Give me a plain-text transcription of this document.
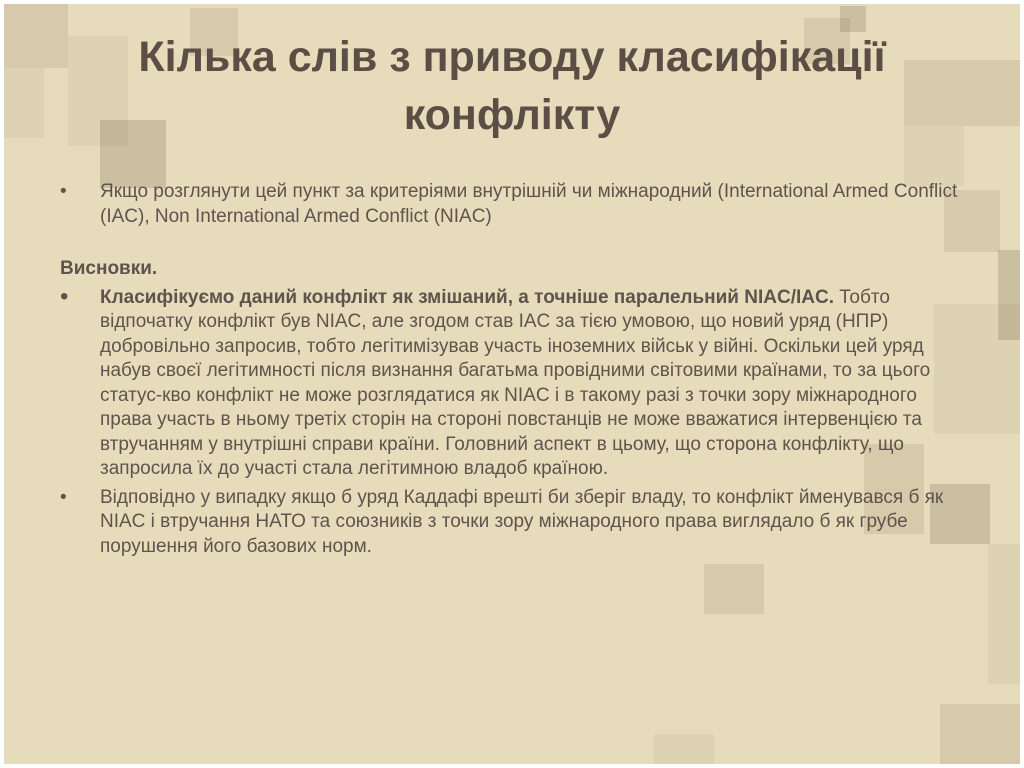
Кілька слів з приводу класифікації
конфлікту
•	Якщо розглянути цей пункт за критеріями внутрішній чи міжнародний (International Armed Conflict (IAC), Non International Armed Conflict (NIAC)
Висновки.
•	Класифікуємо даний конфлікт як змішаний, а точніше паралельний NIAC/IAC. Тобто відпочатку конфлікт був NIAC, але згодом став IAC за тією умовою, що новий уряд (НПР) добровільно запросив, тобто легітимізував участь іноземних військ у війні. Оскільки цей уряд набув своєї легітимності після визнання багатьма провідними світовими країнами, то за цього статус-кво конфлікт не може розглядатися як NIAC і в такому разі з точки зору міжнародного права участь в ньому третіх сторін на стороні повстанців не може вважатися інтервенцією та втручанням у внутрішні справи країни. Головний аспект в цьому, що сторона конфлікту, що запросила їх до участі стала легітимною владоб країною.
•	Відповідно у випадку якщо б уряд Каддафі врешті би зберіг владу, то конфлікт йменувався б як NIAC і втручання НАТО та союзників з точки зору міжнародного права виглядало б як грубе порушення його базових норм.
